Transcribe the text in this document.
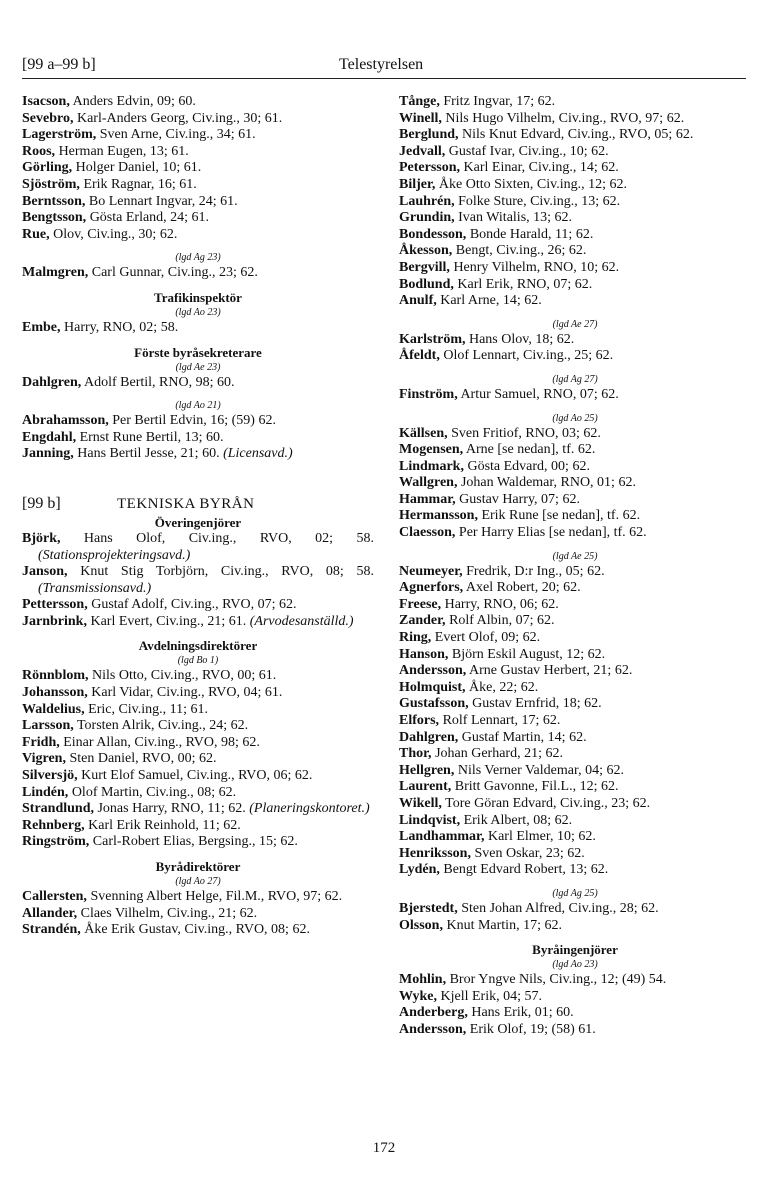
[99 a–99 b]	Telestyrelsen
Isacson, Anders Edvin, 09; 60.
Sevebro, Karl-Anders Georg, Civ.ing., 30; 61.
Lagerström, Sven Arne, Civ.ing., 34; 61.
Roos, Herman Eugen, 13; 61.
Görling, Holger Daniel, 10; 61.
Sjöström, Erik Ragnar, 16; 61.
Berntsson, Bo Lennart Ingvar, 24; 61.
Bengtsson, Gösta Erland, 24; 61.
Rue, Olov, Civ.ing., 30; 62.
(lgd Ag 23)
Malmgren, Carl Gunnar, Civ.ing., 23; 62.
Trafikinspektör
(lgd Ao 23)
Embe, Harry, RNO, 02; 58.
Förste byråsekreterare
(lgd Ae 23)
Dahlgren, Adolf Bertil, RNO, 98; 60.
(lgd Ao 21)
Abrahamsson, Per Bertil Edvin, 16; (59) 62.
Engdahl, Ernst Rune Bertil, 13; 60.
Janning, Hans Bertil Jesse, 21; 60. (Licensavd.)
[99 b]	TEKNISKA BYRÅN
Överingenjörer
Björk, Hans Olof, Civ.ing., RVO, 02; 58. (Stationsprojekteringsavd.)
Janson, Knut Stig Torbjörn, Civ.ing., RVO, 08; 58. (Transmissionsavd.)
Pettersson, Gustaf Adolf, Civ.ing., RVO, 07; 62.
Jarnbrink, Karl Evert, Civ.ing., 21; 61. (Arvodesanställd.)
Avdelningsdirektörer
(lgd Bo 1)
Rönnblom, Nils Otto, Civ.ing., RVO, 00; 61.
Johansson, Karl Vidar, Civ.ing., RVO, 04; 61.
Waldelius, Eric, Civ.ing., 11; 61.
Larsson, Torsten Alrik, Civ.ing., 24; 62.
Fridh, Einar Allan, Civ.ing., RVO, 98; 62.
Vigren, Sten Daniel, RVO, 00; 62.
Silversjö, Kurt Elof Samuel, Civ.ing., RVO, 06; 62.
Lindén, Olof Martin, Civ.ing., 08; 62.
Strandlund, Jonas Harry, RNO, 11; 62. (Planeringskontoret.)
Rehnberg, Karl Erik Reinhold, 11; 62.
Ringström, Carl-Robert Elias, Bergsing., 15; 62.
Byrådirektörer
(lgd Ao 27)
Callersten, Svenning Albert Helge, Fil.M., RVO, 97; 62.
Allander, Claes Vilhelm, Civ.ing., 21; 62.
Strandén, Åke Erik Gustav, Civ.ing., RVO, 08; 62.
Tånge, Fritz Ingvar, 17; 62.
Winell, Nils Hugo Vilhelm, Civ.ing., RVO, 97; 62.
Berglund, Nils Knut Edvard, Civ.ing., RVO, 05; 62.
Jedvall, Gustaf Ivar, Civ.ing., 10; 62.
Petersson, Karl Einar, Civ.ing., 14; 62.
Biljer, Åke Otto Sixten, Civ.ing., 12; 62.
Lauhrén, Folke Sture, Civ.ing., 13; 62.
Grundin, Ivan Witalis, 13; 62.
Bondesson, Bonde Harald, 11; 62.
Åkesson, Bengt, Civ.ing., 26; 62.
Bergvill, Henry Vilhelm, RNO, 10; 62.
Bodlund, Karl Erik, RNO, 07; 62.
Anulf, Karl Arne, 14; 62.
(lgd Ae 27)
Karlström, Hans Olov, 18; 62.
Åfeldt, Olof Lennart, Civ.ing., 25; 62.
(lgd Ag 27)
Finström, Artur Samuel, RNO, 07; 62.
(lgd Ao 25)
Källsen, Sven Fritiof, RNO, 03; 62.
Mogensen, Arne [se nedan], tf. 62.
Lindmark, Gösta Edvard, 00; 62.
Wallgren, Johan Waldemar, RNO, 01; 62.
Hammar, Gustav Harry, 07; 62.
Hermansson, Erik Rune [se nedan], tf. 62.
Claesson, Per Harry Elias [se nedan], tf. 62.
(lgd Ae 25)
Neumeyer, Fredrik, D:r Ing., 05; 62.
Agnerfors, Axel Robert, 20; 62.
Freese, Harry, RNO, 06; 62.
Zander, Rolf Albin, 07; 62.
Ring, Evert Olof, 09; 62.
Hanson, Björn Eskil August, 12; 62.
Andersson, Arne Gustav Herbert, 21; 62.
Holmquist, Åke, 22; 62.
Gustafsson, Gustav Ernfrid, 18; 62.
Elfors, Rolf Lennart, 17; 62.
Dahlgren, Gustaf Martin, 14; 62.
Thor, Johan Gerhard, 21; 62.
Hellgren, Nils Verner Valdemar, 04; 62.
Laurent, Britt Gavonne, Fil.L., 12; 62.
Wikell, Tore Göran Edvard, Civ.ing., 23; 62.
Lindqvist, Erik Albert, 08; 62.
Landhammar, Karl Elmer, 10; 62.
Henriksson, Sven Oskar, 23; 62.
Lydén, Bengt Edvard Robert, 13; 62.
(lgd Ag 25)
Bjerstedt, Sten Johan Alfred, Civ.ing., 28; 62.
Olsson, Knut Martin, 17; 62.
Byråingenjörer
(lgd Ao 23)
Mohlin, Bror Yngve Nils, Civ.ing., 12; (49) 54.
Wyke, Kjell Erik, 04; 57.
Anderberg, Hans Erik, 01; 60.
Andersson, Erik Olof, 19; (58) 61.
172
